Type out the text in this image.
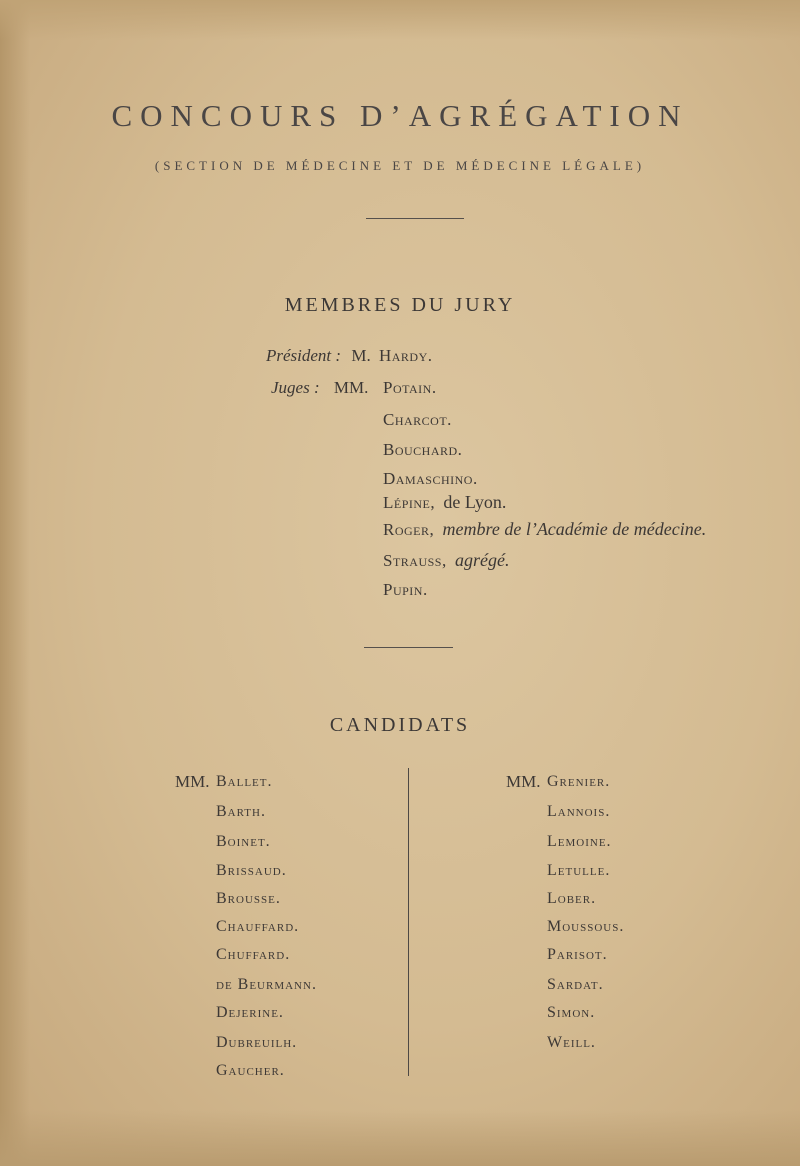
CONCOURS D’AGRÉGATION
(SECTION DE MÉDECINE ET DE MÉDECINE LÉGALE)
MEMBRES DU JURY
Président : M. Hardy.
Juges : MM. Potain.
Charcot.
Bouchard.
Damaschino.
Lépine, de Lyon.
Roger, membre de l’Académie de médecine.
Strauss, agrégé.
Pupin.
CANDIDATS
MM. Ballet.
Barth.
Boinet.
Brissaud.
Brousse.
Chauffard.
Chuffard.
de Beurmann.
Dejerine.
Dubreuilh.
Gaucher.
MM. Grenier.
Lannois.
Lemoine.
Letulle.
Lober.
Moussous.
Parisot.
Sardat.
Simon.
Weill.
